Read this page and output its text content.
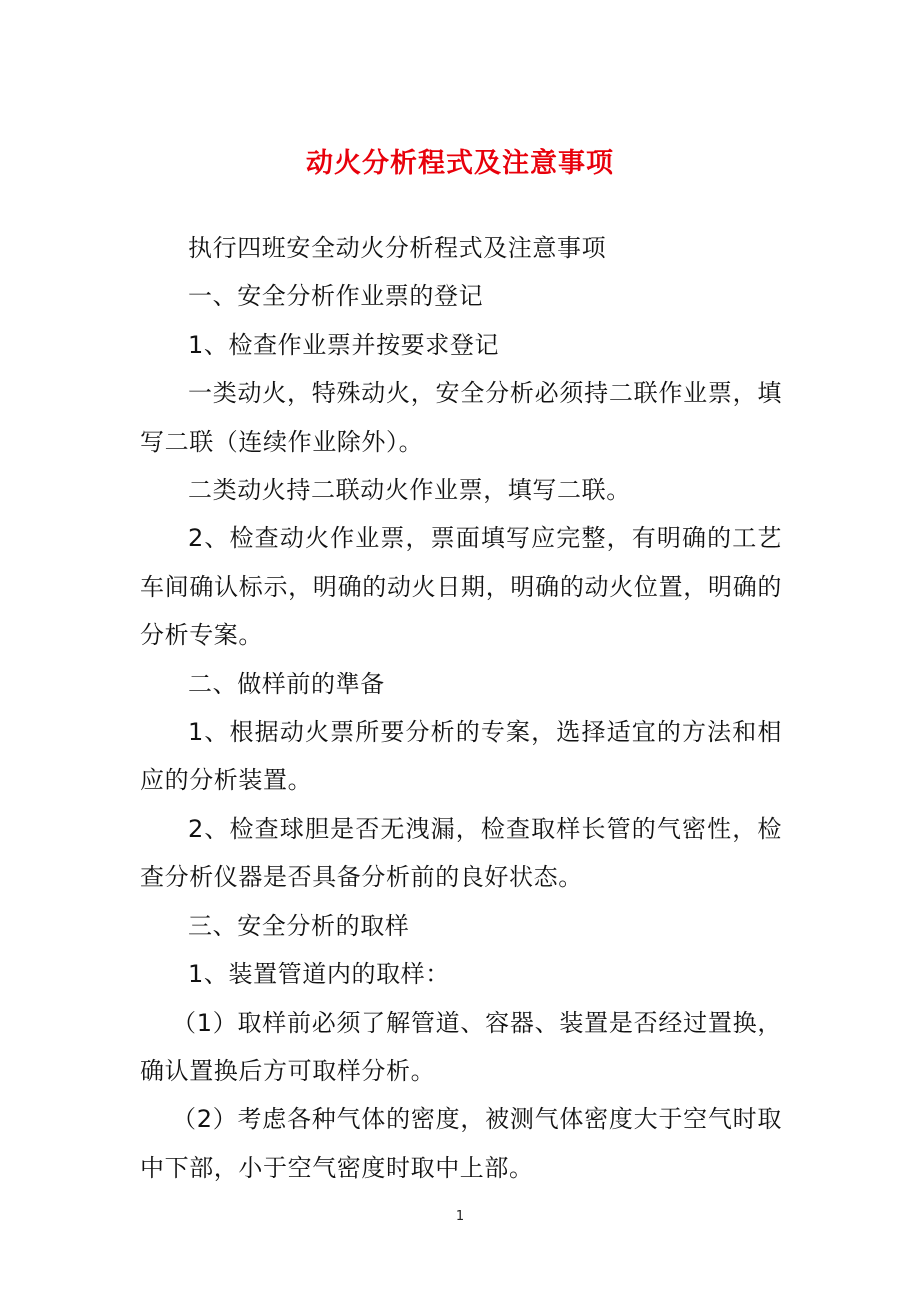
动火分析程式及注意事项

执行四班安全动火分析程式及注意事项

一、安全分析作业票的登记

1、检查作业票并按要求登记

一类动火，特殊动火，安全分析必须持二联作业票，填写二联（连续作业除外）。

二类动火持二联动火作业票，填写二联。

2、检查动火作业票，票面填写应完整，有明确的工艺车间确认标示，明确的动火日期，明确的动火位置，明确的分析专案。

二、做样前的準备

1、根据动火票所要分析的专案，选择适宜的方法和相应的分析装置。

2、检查球胆是否无洩漏，检查取样长管的气密性，检查分析仪器是否具备分析前的良好状态。

三、安全分析的取样

1、装置管道内的取样：

（1）取样前必须了解管道、容器、装置是否经过置换，确认置换后方可取样分析。

（2）考虑各种气体的密度，被测气体密度大于空气时取中下部，小于空气密度时取中上部。

1
